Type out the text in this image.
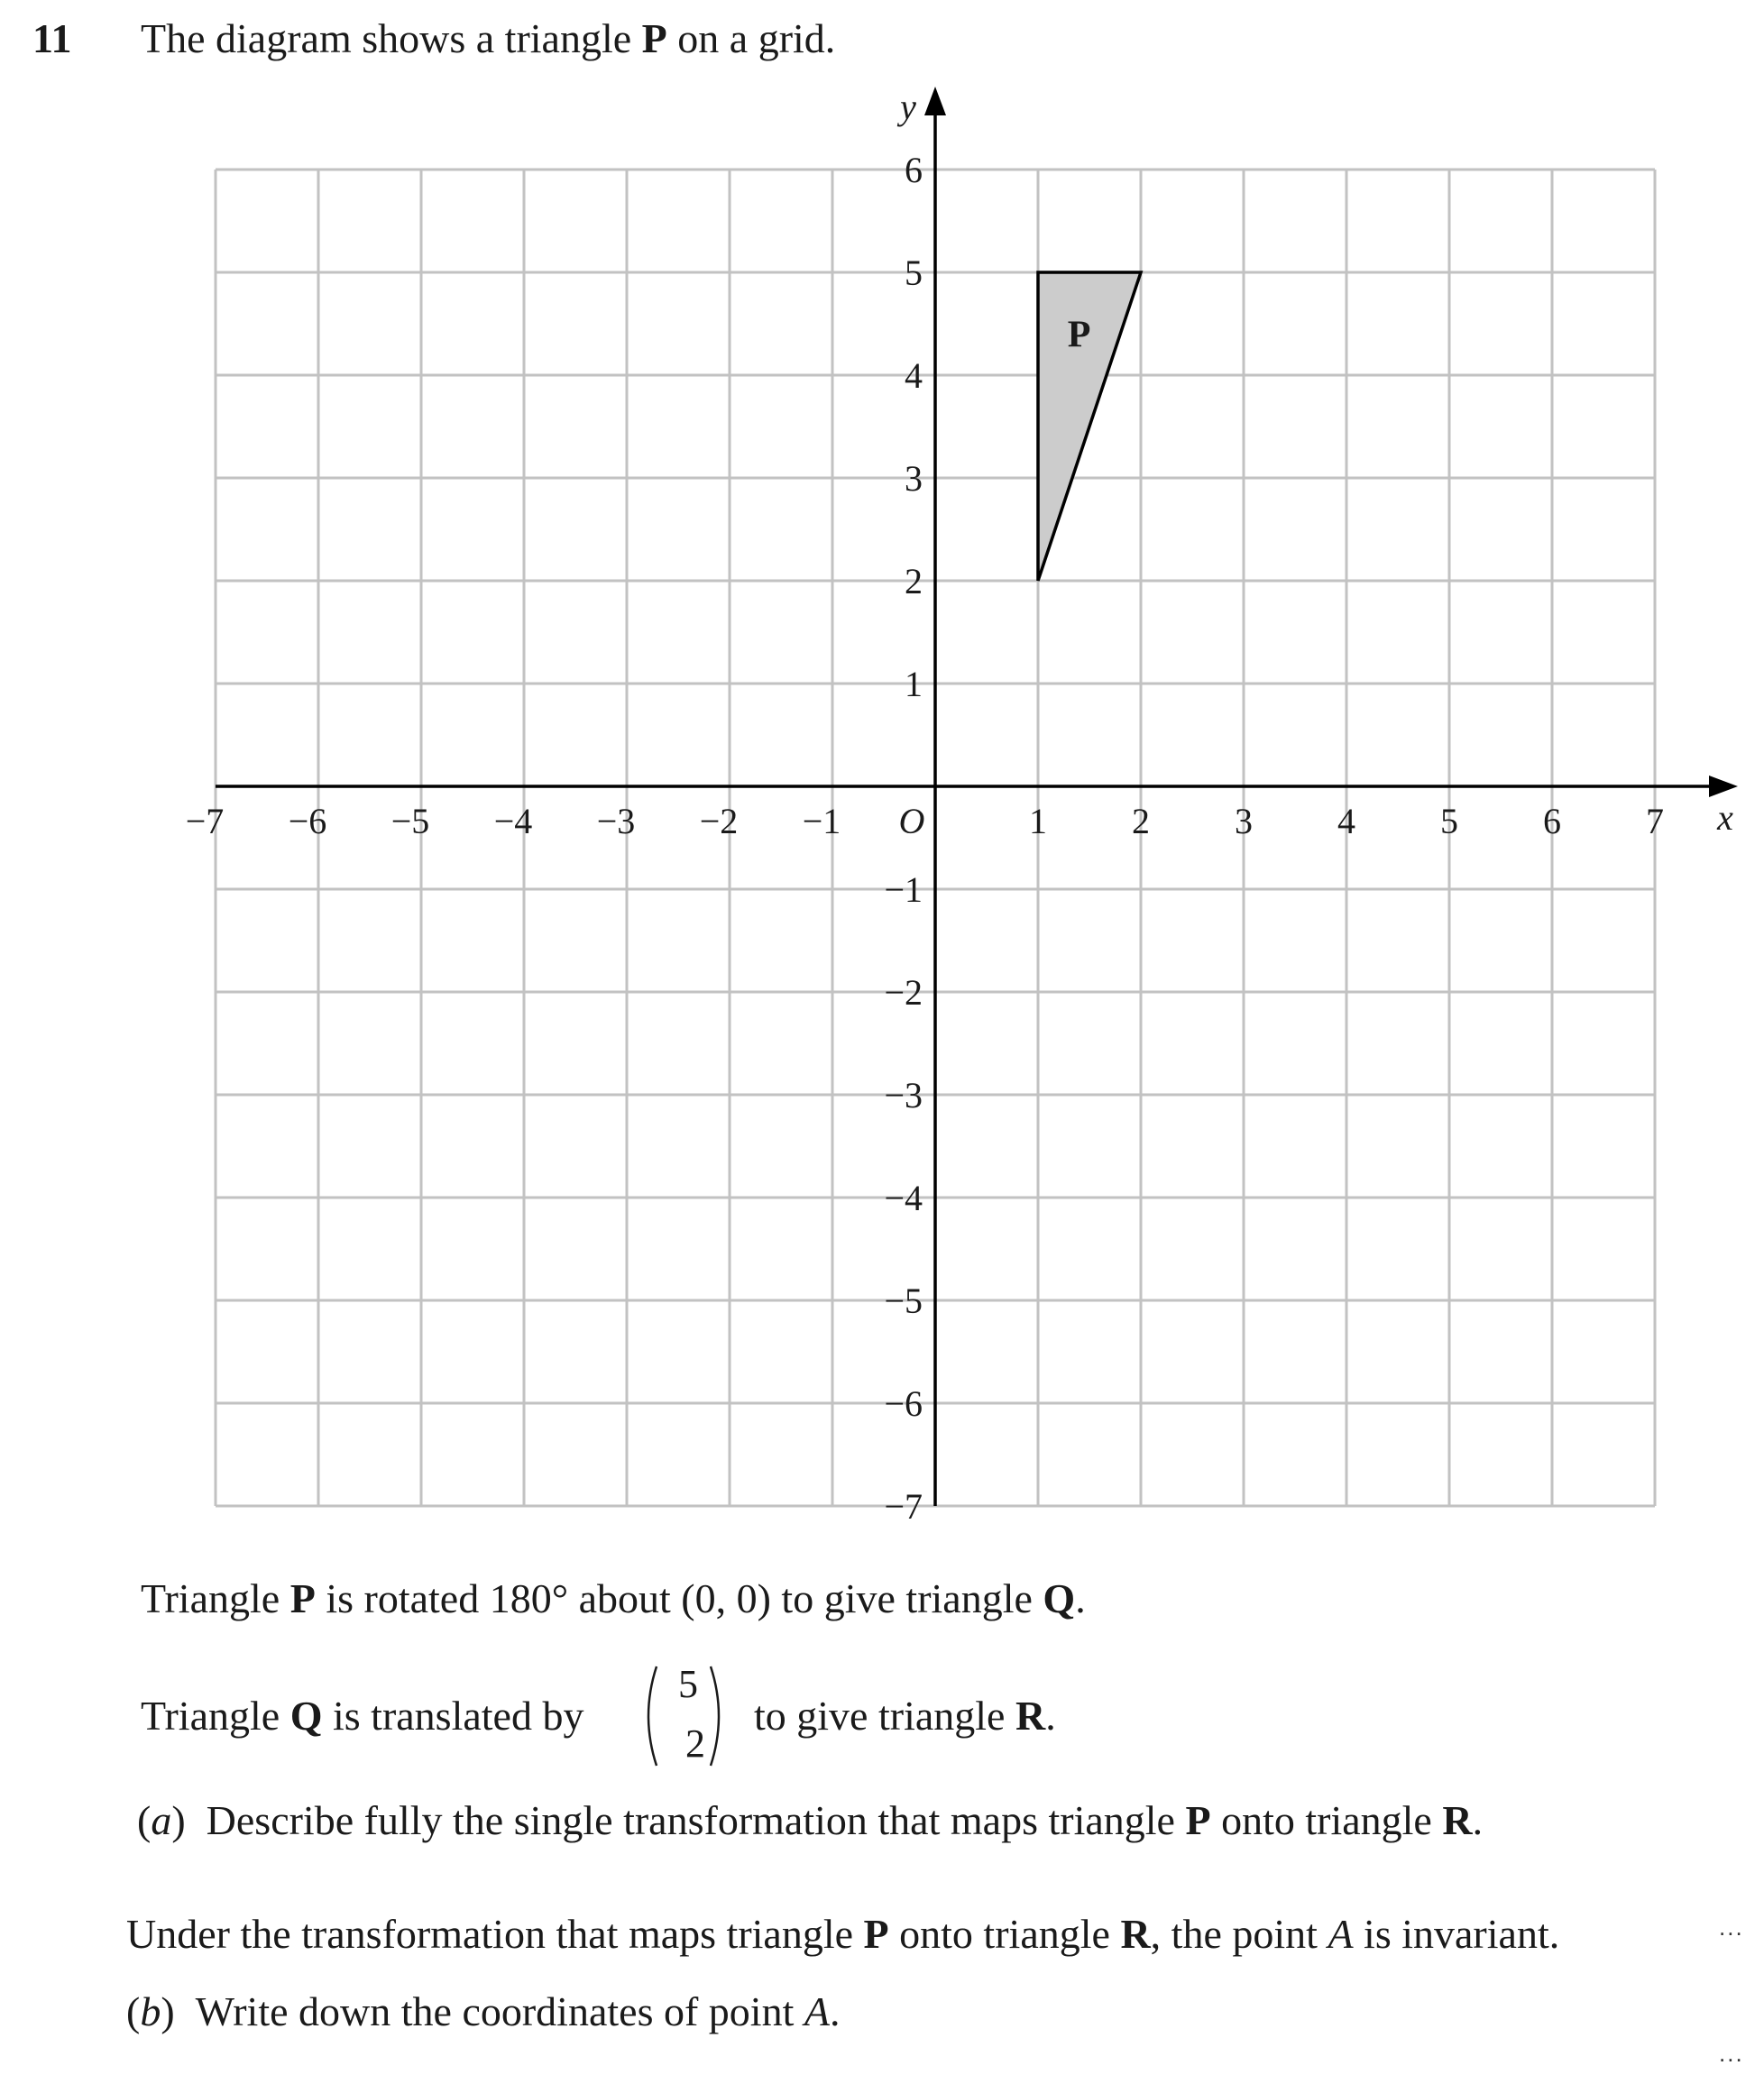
11 The diagram shows a triangle P on a grid.
P
x
y
−7 −6 −5 −4 −3 −2 −1 O	1 2 3 4 5 6 7
6
5
4
3
2
1
−1
−2
−3
−4
−5
−6
−7
Triangle P is rotated 180° about (0, 0) to give triangle Q.
Triangle Q is translated by
5
2
to give triangle R.
(a)  Describe fully the single transformation that maps triangle P onto triangle R.
Under the transformation that maps triangle P onto triangle R, the point A is invariant.
(b)  Write down the coordinates of point A.
...
...
